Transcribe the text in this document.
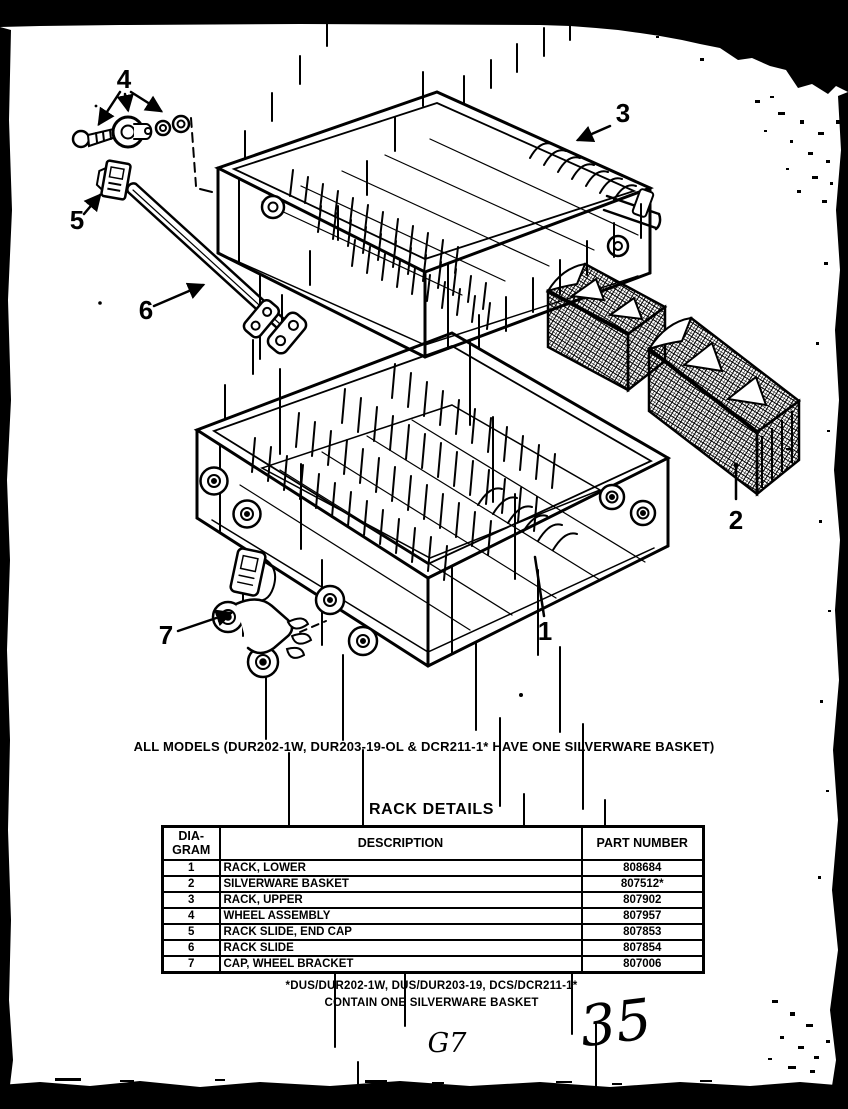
4
5
6
3
2
1
7
35
G7
ALL MODELS (DUR202-1W, DUR203-19-OL & DCR211-1* HAVE ONE SILVERWARE BASKET)
RACK DETAILS
DIA-GRAM	DESCRIPTION	PART NUMBER
1	RACK, LOWER	808684
2	SILVERWARE BASKET	807512*
3	RACK, UPPER	807902
4	WHEEL ASSEMBLY	807957
5	RACK SLIDE, END CAP	807853
6	RACK SLIDE	807854
7	CAP, WHEEL BRACKET	807006
*DUS/DUR202-1W, DUS/DUR203-19, DCS/DCR211-1*
CONTAIN ONE SILVERWARE BASKET
